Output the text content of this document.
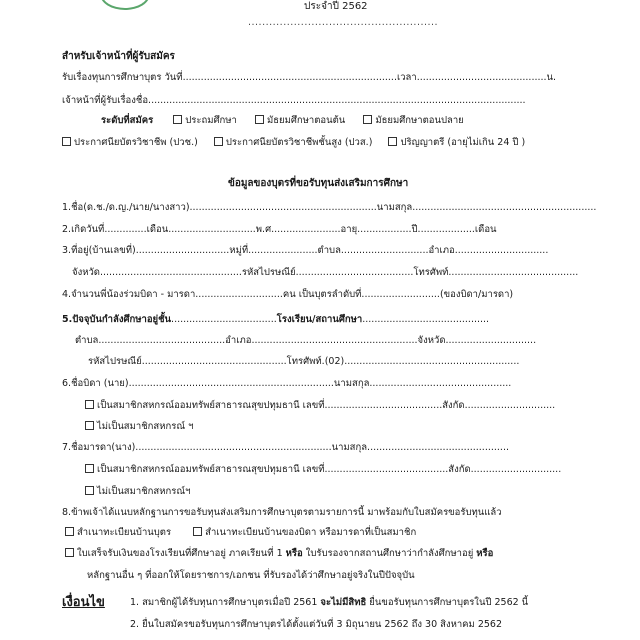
ประจำปี 2562
......................................................
สำหรับเจ้าหน้าที่ผู้รับสมัคร
รับเรื่องทุนการศึกษาบุตร วันที่.......................................................................เวลา...........................................น.
เจ้าหน้าที่ผู้รับเรื่องชื่อ.............................................................................................................................
ระดับที่สมัคร	ประถมศึกษา	มัธยมศึกษาตอนต้น	มัธยมศึกษาตอนปลาย
ประกาศนียบัตรวิชาชีพ (ปวช.)	ประกาศนียบัตรวิชาชีพชั้นสูง (ปวส.)	ปริญญาตรี (อายุไม่เกิน 24 ปี )
ข้อมูลของบุตรที่ขอรับทุนส่งเสริมการศึกษา
1.ชื่อ(ด.ช./ด.ญ./นาย/นางสาว)..............................................................นามสกุล.............................................................
2.เกิดวันที่..............เดือน.............................พ.ศ.......................อายุ..................ปี...................เดือน
3.ที่อยู่(บ้านเลขที่)...............................หมู่ที่.......................ตำบล.............................อำเภอ...............................
จังหวัด...............................................รหัสไปรษณีย์.......................................โทรศัพท์...........................................
4.จำนวนพี่น้องร่วมบิดา - มารดา.............................คน เป็นบุตรลำดับที่..........................(ของบิดา/มารดา)
5.ปัจจุบันกำลังศึกษาอยู่ชั้น...................................โรงเรียน/สถานศึกษา..........................................
ตำบล..........................................อำเภอ.......................................................จังหวัด..............................
รหัสไปรษณีย์................................................โทรศัพท์.(02)..........................................................
6.ชื่อบิดา (นาย)....................................................................นามสกุล...............................................
เป็นสมาชิกสหกรณ์ออมทรัพย์สาธารณสุขปทุมธานี เลขที่.......................................สังกัด..............................
ไม่เป็นสมาชิกสหกรณ์ ฯ
7.ชื่อมารดา(นาง).................................................................นามสกุล...............................................
เป็นสมาชิกสหกรณ์ออมทรัพย์สาธารณสุขปทุมธานี เลขที่.........................................สังกัด..............................
ไม่เป็นสมาชิกสหกรณ์ฯ
8.ข้าพเจ้าได้แนบหลักฐานการขอรับทุนส่งเสริมการศึกษาบุตรตามรายการนี้ มาพร้อมกับใบสมัครขอรับทุนแล้ว
สำเนาทะเบียนบ้านบุตร	สำเนาทะเบียนบ้านของบิดา หรือมารดาที่เป็นสมาชิก
ใบเสร็จรับเงินของโรงเรียนที่ศึกษาอยู่ ภาคเรียนที่ 1 หรือ ใบรับรองจากสถานศึกษาว่ากำลังศึกษาอยู่ หรือ
หลักฐานอื่น ๆ ที่ออกให้โดยราชการ/เอกชน ที่รับรองได้ว่าศึกษาอยู่จริงในปีปัจจุบัน
เงื่อนไข	1. สมาชิกผู้ได้รับทุนการศึกษาบุตรเมื่อปี 2561 จะไม่มีสิทธิ ยื่นขอรับทุนการศึกษาบุตรในปี 2562 นี้
2. ยื่นใบสมัครขอรับทุนการศึกษาบุตรได้ตั้งแต่วันที่ 3 มิถุนายน 2562 ถึง 30 สิงหาคม 2562
